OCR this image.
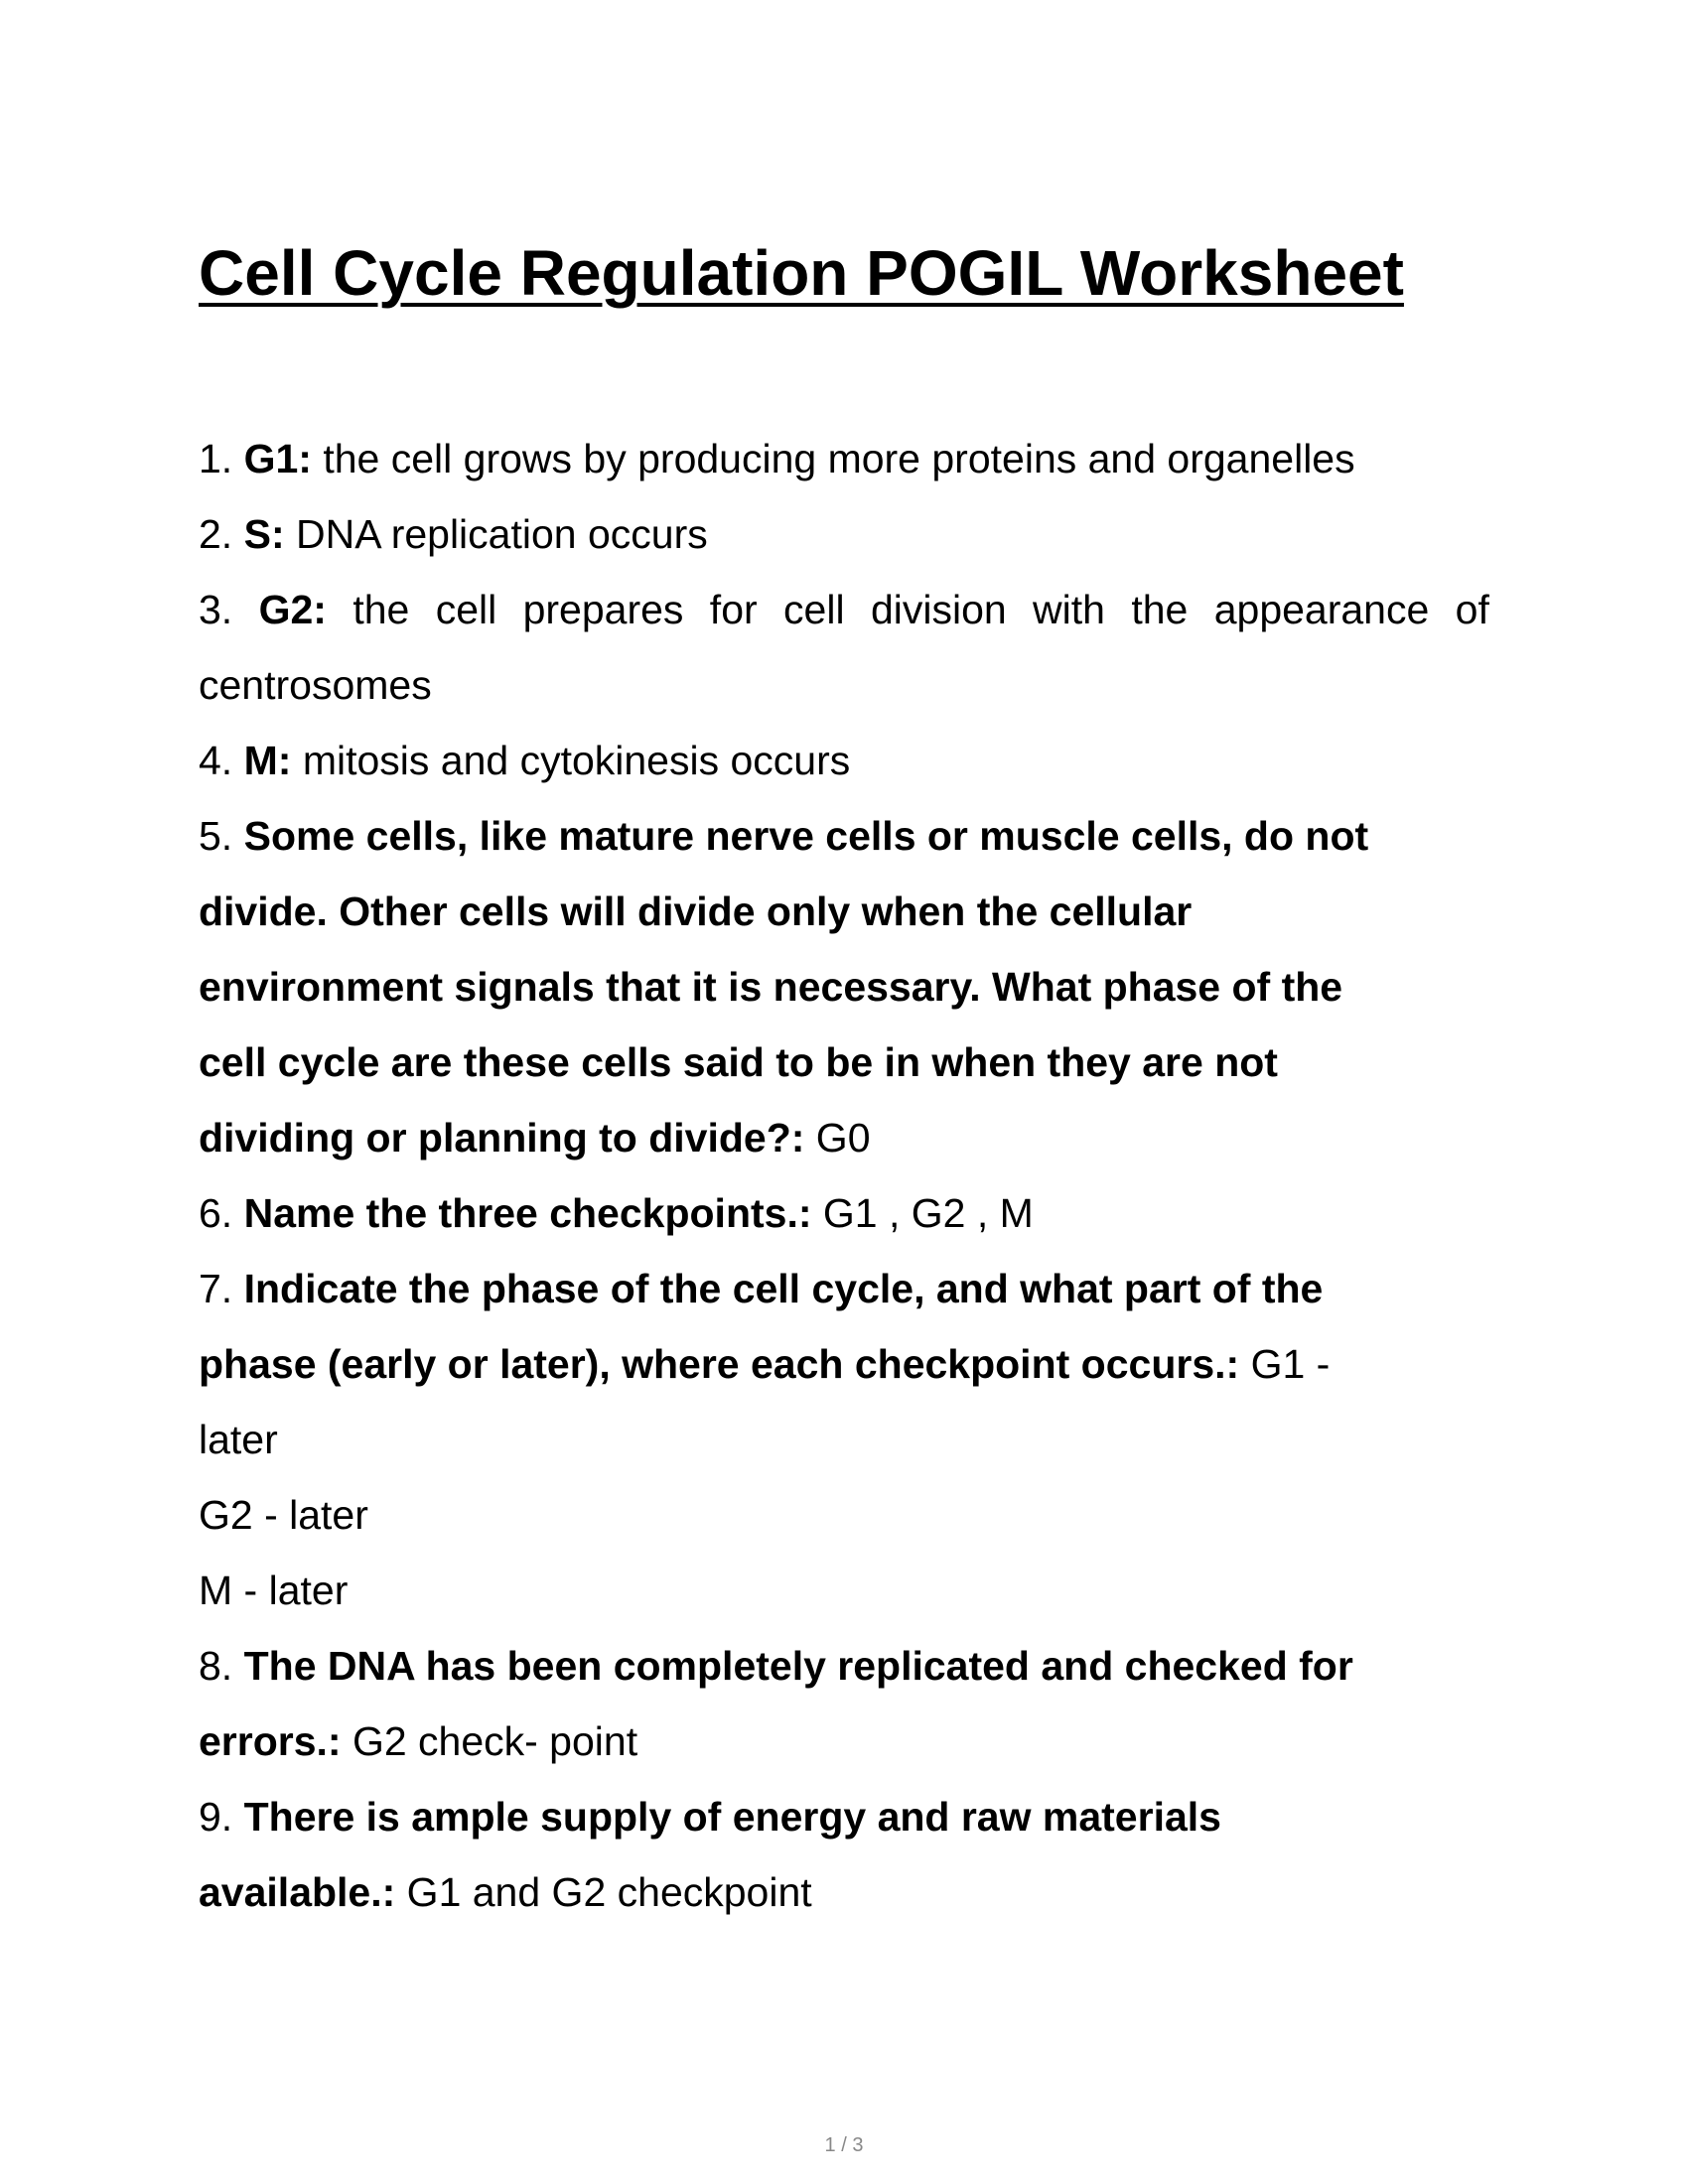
Cell Cycle Regulation POGIL Worksheet
1. G1: the cell grows by producing more proteins and organelles
2. S: DNA replication occurs
3. G2: the cell prepares for cell division with the appearance of
centrosomes
4. M: mitosis and cytokinesis occurs
5. Some cells, like mature nerve cells or muscle cells, do not
divide. Other cells will divide only when the cellular
environment signals that it is necessary. What phase of the
cell cycle are these cells said to be in when they are not
dividing or planning to divide?: G0
6. Name the three checkpoints.: G1 , G2 , M
7. Indicate the phase of the cell cycle, and what part of the
phase (early or later), where each checkpoint occurs.: G1 -
later
G2 - later
M - later
8. The DNA has been completely replicated and checked for
errors.: G2 check- point
9. There is ample supply of energy and raw materials
available.: G1 and G2 checkpoint
1 / 3
